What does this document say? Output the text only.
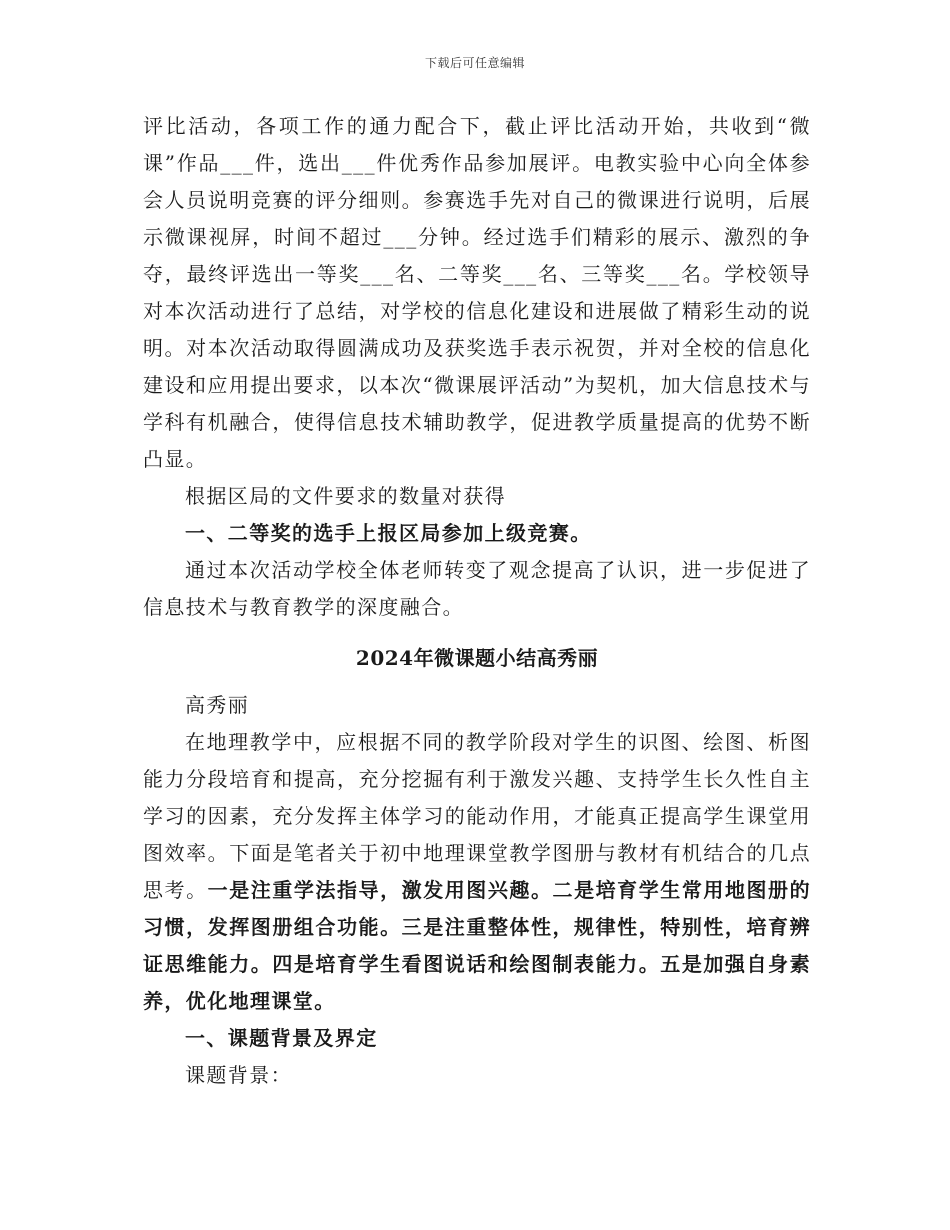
下载后可任意编辑

评比活动，各项工作的通力配合下，截止评比活动开始，共收到“微课”作品___件，选出___件优秀作品参加展评。电教实验中心向全体参会人员说明竞赛的评分细则。参赛选手先对自己的微课进行说明，后展示微课视屏，时间不超过___分钟。经过选手们精彩的展示、激烈的争夺，最终评选出一等奖___名、二等奖___名、三等奖___名。学校领导对本次活动进行了总结，对学校的信息化建设和进展做了精彩生动的说明。对本次活动取得圆满成功及获奖选手表示祝贺，并对全校的信息化建设和应用提出要求，以本次“微课展评活动”为契机，加大信息技术与学科有机融合，使得信息技术辅助教学，促进教学质量提高的优势不断凸显。

根据区局的文件要求的数量对获得

一、二等奖的选手上报区局参加上级竞赛。

通过本次活动学校全体老师转变了观念提高了认识，进一步促进了信息技术与教育教学的深度融合。

2024年微课题小结高秀丽

高秀丽

在地理教学中，应根据不同的教学阶段对学生的识图、绘图、析图能力分段培育和提高，充分挖掘有利于激发兴趣、支持学生长久性自主学习的因素，充分发挥主体学习的能动作用，才能真正提高学生课堂用图效率。下面是笔者关于初中地理课堂教学图册与教材有机结合的几点思考。一是注重学法指导，激发用图兴趣。二是培育学生常用地图册的习惯，发挥图册组合功能。三是注重整体性，规律性，特别性，培育辨证思维能力。四是培育学生看图说话和绘图制表能力。五是加强自身素养，优化地理课堂。

一、课题背景及界定

课题背景：
